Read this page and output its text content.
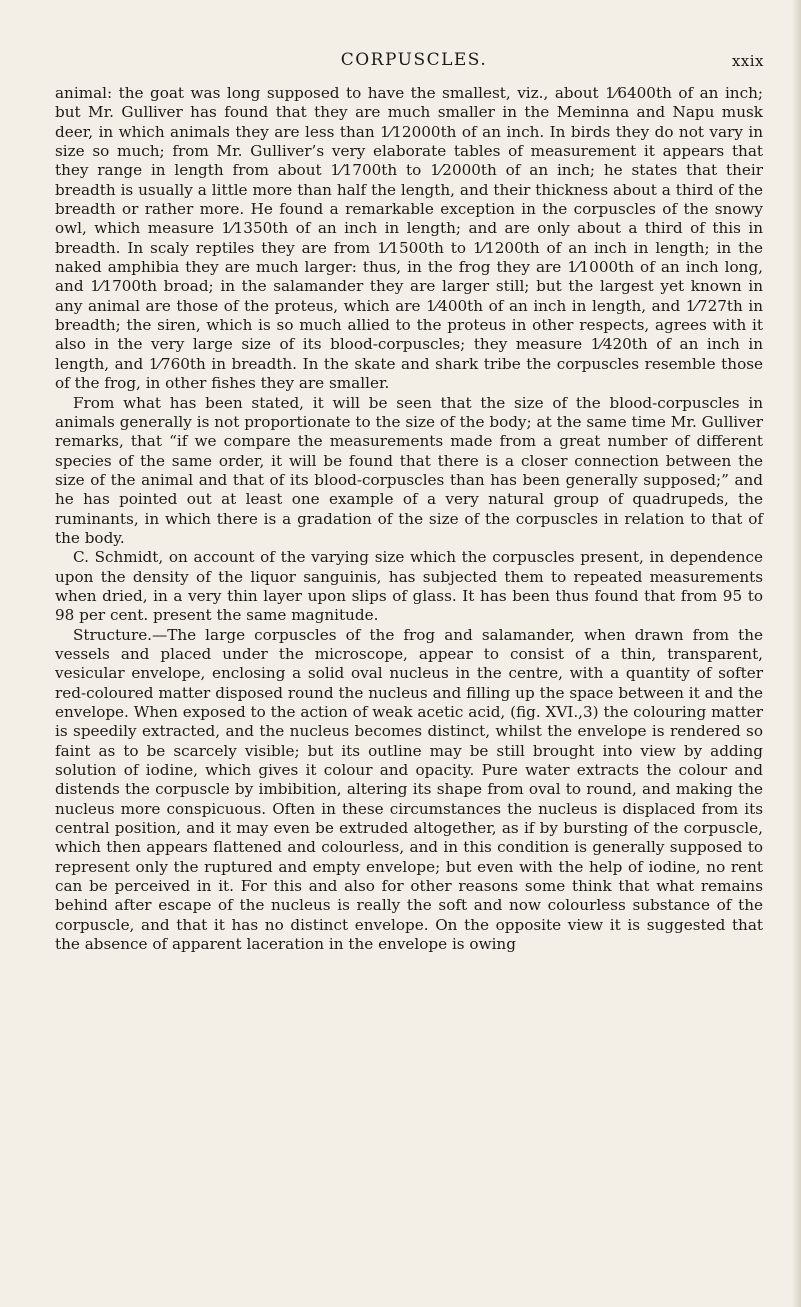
CORPUSCLES.	xxix

animal: the goat was long supposed to have the smallest, viz., about 1⁄6400th of an inch; but Mr. Gulliver has found that they are much smaller in the Meminna and Napu musk deer, in which animals they are less than 1⁄12000th of an inch. In birds they do not vary in size so much; from Mr. Gulliver’s very elaborate tables of measurement it appears that they range in length from about 1⁄1700th to 1⁄2000th of an inch; he states that their breadth is usually a little more than half the length, and their thickness about a third of the breadth or rather more. He found a remarkable exception in the corpuscles of the snowy owl, which measure 1⁄1350th of an inch in length; and are only about a third of this in breadth. In scaly reptiles they are from 1⁄1500th to 1⁄1200th of an inch in length; in the naked amphibia they are much larger: thus, in the frog they are 1⁄1000th of an inch long, and 1⁄1700th broad; in the salamander they are larger still; but the largest yet known in any animal are those of the proteus, which are 1⁄400th of an inch in length, and 1⁄727th in breadth; the siren, which is so much allied to the proteus in other respects, agrees with it also in the very large size of its blood-corpuscles; they measure 1⁄420th of an inch in length, and 1⁄760th in breadth. In the skate and shark tribe the corpuscles resemble those of the frog, in other fishes they are smaller.

From what has been stated, it will be seen that the size of the blood-corpuscles in animals generally is not proportionate to the size of the body; at the same time Mr. Gulliver remarks, that “if we compare the measurements made from a great number of different species of the same order, it will be found that there is a closer connection between the size of the animal and that of its blood-corpuscles than has been generally supposed;” and he has pointed out at least one example of a very natural group of quadrupeds, the ruminants, in which there is a gradation of the size of the corpuscles in relation to that of the body.

C. Schmidt, on account of the varying size which the corpuscles present, in dependence upon the density of the liquor sanguinis, has subjected them to repeated measurements when dried, in a very thin layer upon slips of glass. It has been thus found that from 95 to 98 per cent. present the same magnitude.

Structure.—The large corpuscles of the frog and salamander, when drawn from the vessels and placed under the microscope, appear to consist of a thin, transparent, vesicular envelope, enclosing a solid oval nucleus in the centre, with a quantity of softer red-coloured matter disposed round the nucleus and filling up the space between it and the envelope. When exposed to the action of weak acetic acid, (fig. XVI.,3) the colouring matter is speedily extracted, and the nucleus becomes distinct, whilst the envelope is rendered so faint as to be scarcely visible; but its outline may be still brought into view by adding solution of iodine, which gives it colour and opacity. Pure water extracts the colour and distends the corpuscle by imbibition, altering its shape from oval to round, and making the nucleus more conspicuous. Often in these circumstances the nucleus is displaced from its central position, and it may even be extruded altogether, as if by bursting of the corpuscle, which then appears flattened and colourless, and in this condition is generally supposed to represent only the ruptured and empty envelope; but even with the help of iodine, no rent can be perceived in it. For this and also for other reasons some think that what remains behind after escape of the nucleus is really the soft and now colourless substance of the corpuscle, and that it has no distinct envelope. On the opposite view it is suggested that the absence of apparent laceration in the envelope is owing
